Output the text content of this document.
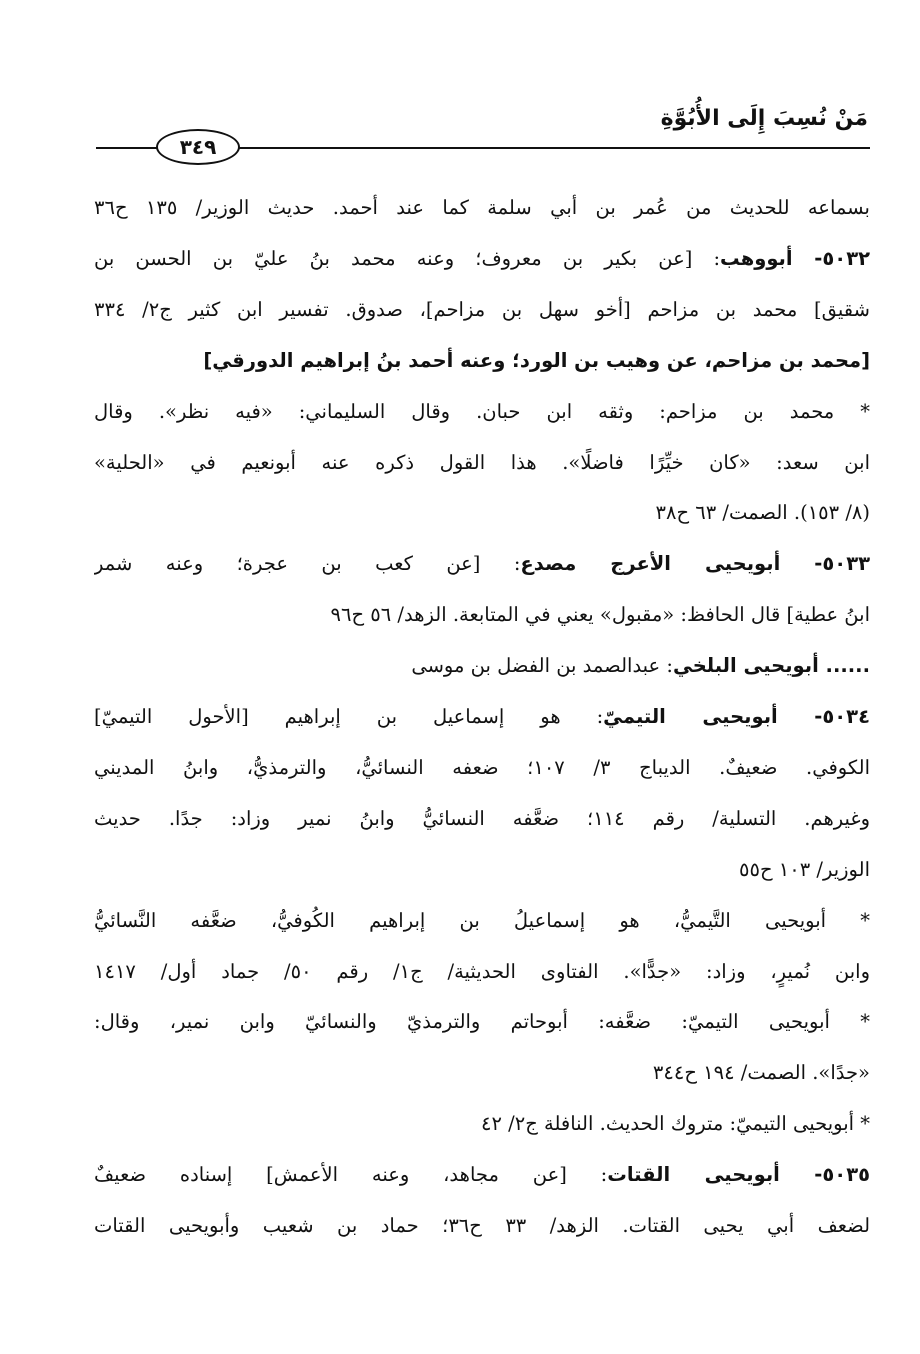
مَنْ نُسِبَ إِلَى الأُبُوَّةِ
٣٤٩
بسماعه للحديث من عُمر بن أبي سلمة كما عند أحمد. حديث الوزير/ ١٣٥ ح٣٦
٥٠٣٢- أبووهب: [عن بكير بن معروف؛ وعنه محمد بنُ عليّ بن الحسن بن
شقيق] محمد بن مزاحم [أخو سهل بن مزاحم]، صدوق. تفسير ابن كثير ج٢/ ٣٣٤
[محمد بن مزاحم، عن وهيب بن الورد؛ وعنه أحمد بنُ إبراهيم الدورقي]
* محمد بن مزاحم: وثقه ابن حبان. وقال السليماني: «فيه نظر». وقال
ابن سعد: «كان خيِّرًا فاضلًا». هذا القول ذكره عنه أبونعيم في «الحلية»
(٨/ ١٥٣). الصمت/ ٦٣ ح٣٨
٥٠٣٣- أبويحيى الأعرج مصدع: [عن كعب بن عجرة؛ وعنه شمر
ابنُ عطية] قال الحافظ: «مقبول» يعني في المتابعة. الزهد/ ٥٦ ح٩٦
...... أبويحيى البلخي: عبدالصمد بن الفضل بن موسى
٥٠٣٤- أبويحيى التيميّ: هو إسماعيل بن إبراهيم [الأحول التيميّ]
الكوفي. ضعيفٌ. الديباج ٣/ ١٠٧؛ ضعفه النسائيُّ، والترمذيُّ، وابنُ المديني
وغيرهم. التسلية/ رقم ١١٤؛ ضعَّفه النسائيُّ وابنُ نمير وزاد: جدًا. حديث
الوزير/ ١٠٣ ح٥٥
* أبويحيى التَّيميُّ، هو إسماعيلُ بن إبراهيم الكُوفيُّ، ضعَّفه النَّسائيُّ
وابن نُميرٍ، وزاد: «جدًّا». الفتاوى الحديثية/ ج١/ رقم ٥٠/ جماد أول/ ١٤١٧
* أبويحيى التيميّ: ضعَّفه: أبوحاتم والترمذيّ والنسائيّ وابن نمير، وقال:
«جدًا». الصمت/ ١٩٤ ح٣٤٤
* أبويحيى التيميّ: متروك الحديث. النافلة ج٢/ ٤٢
٥٠٣٥- أبويحيى القتات: [عن مجاهد، وعنه الأعمش] إسناده ضعيفٌ
لضعف أبي يحيى القتات. الزهد/ ٣٣ ح٣٦؛ حماد بن شعيب وأبويحيى القتات
